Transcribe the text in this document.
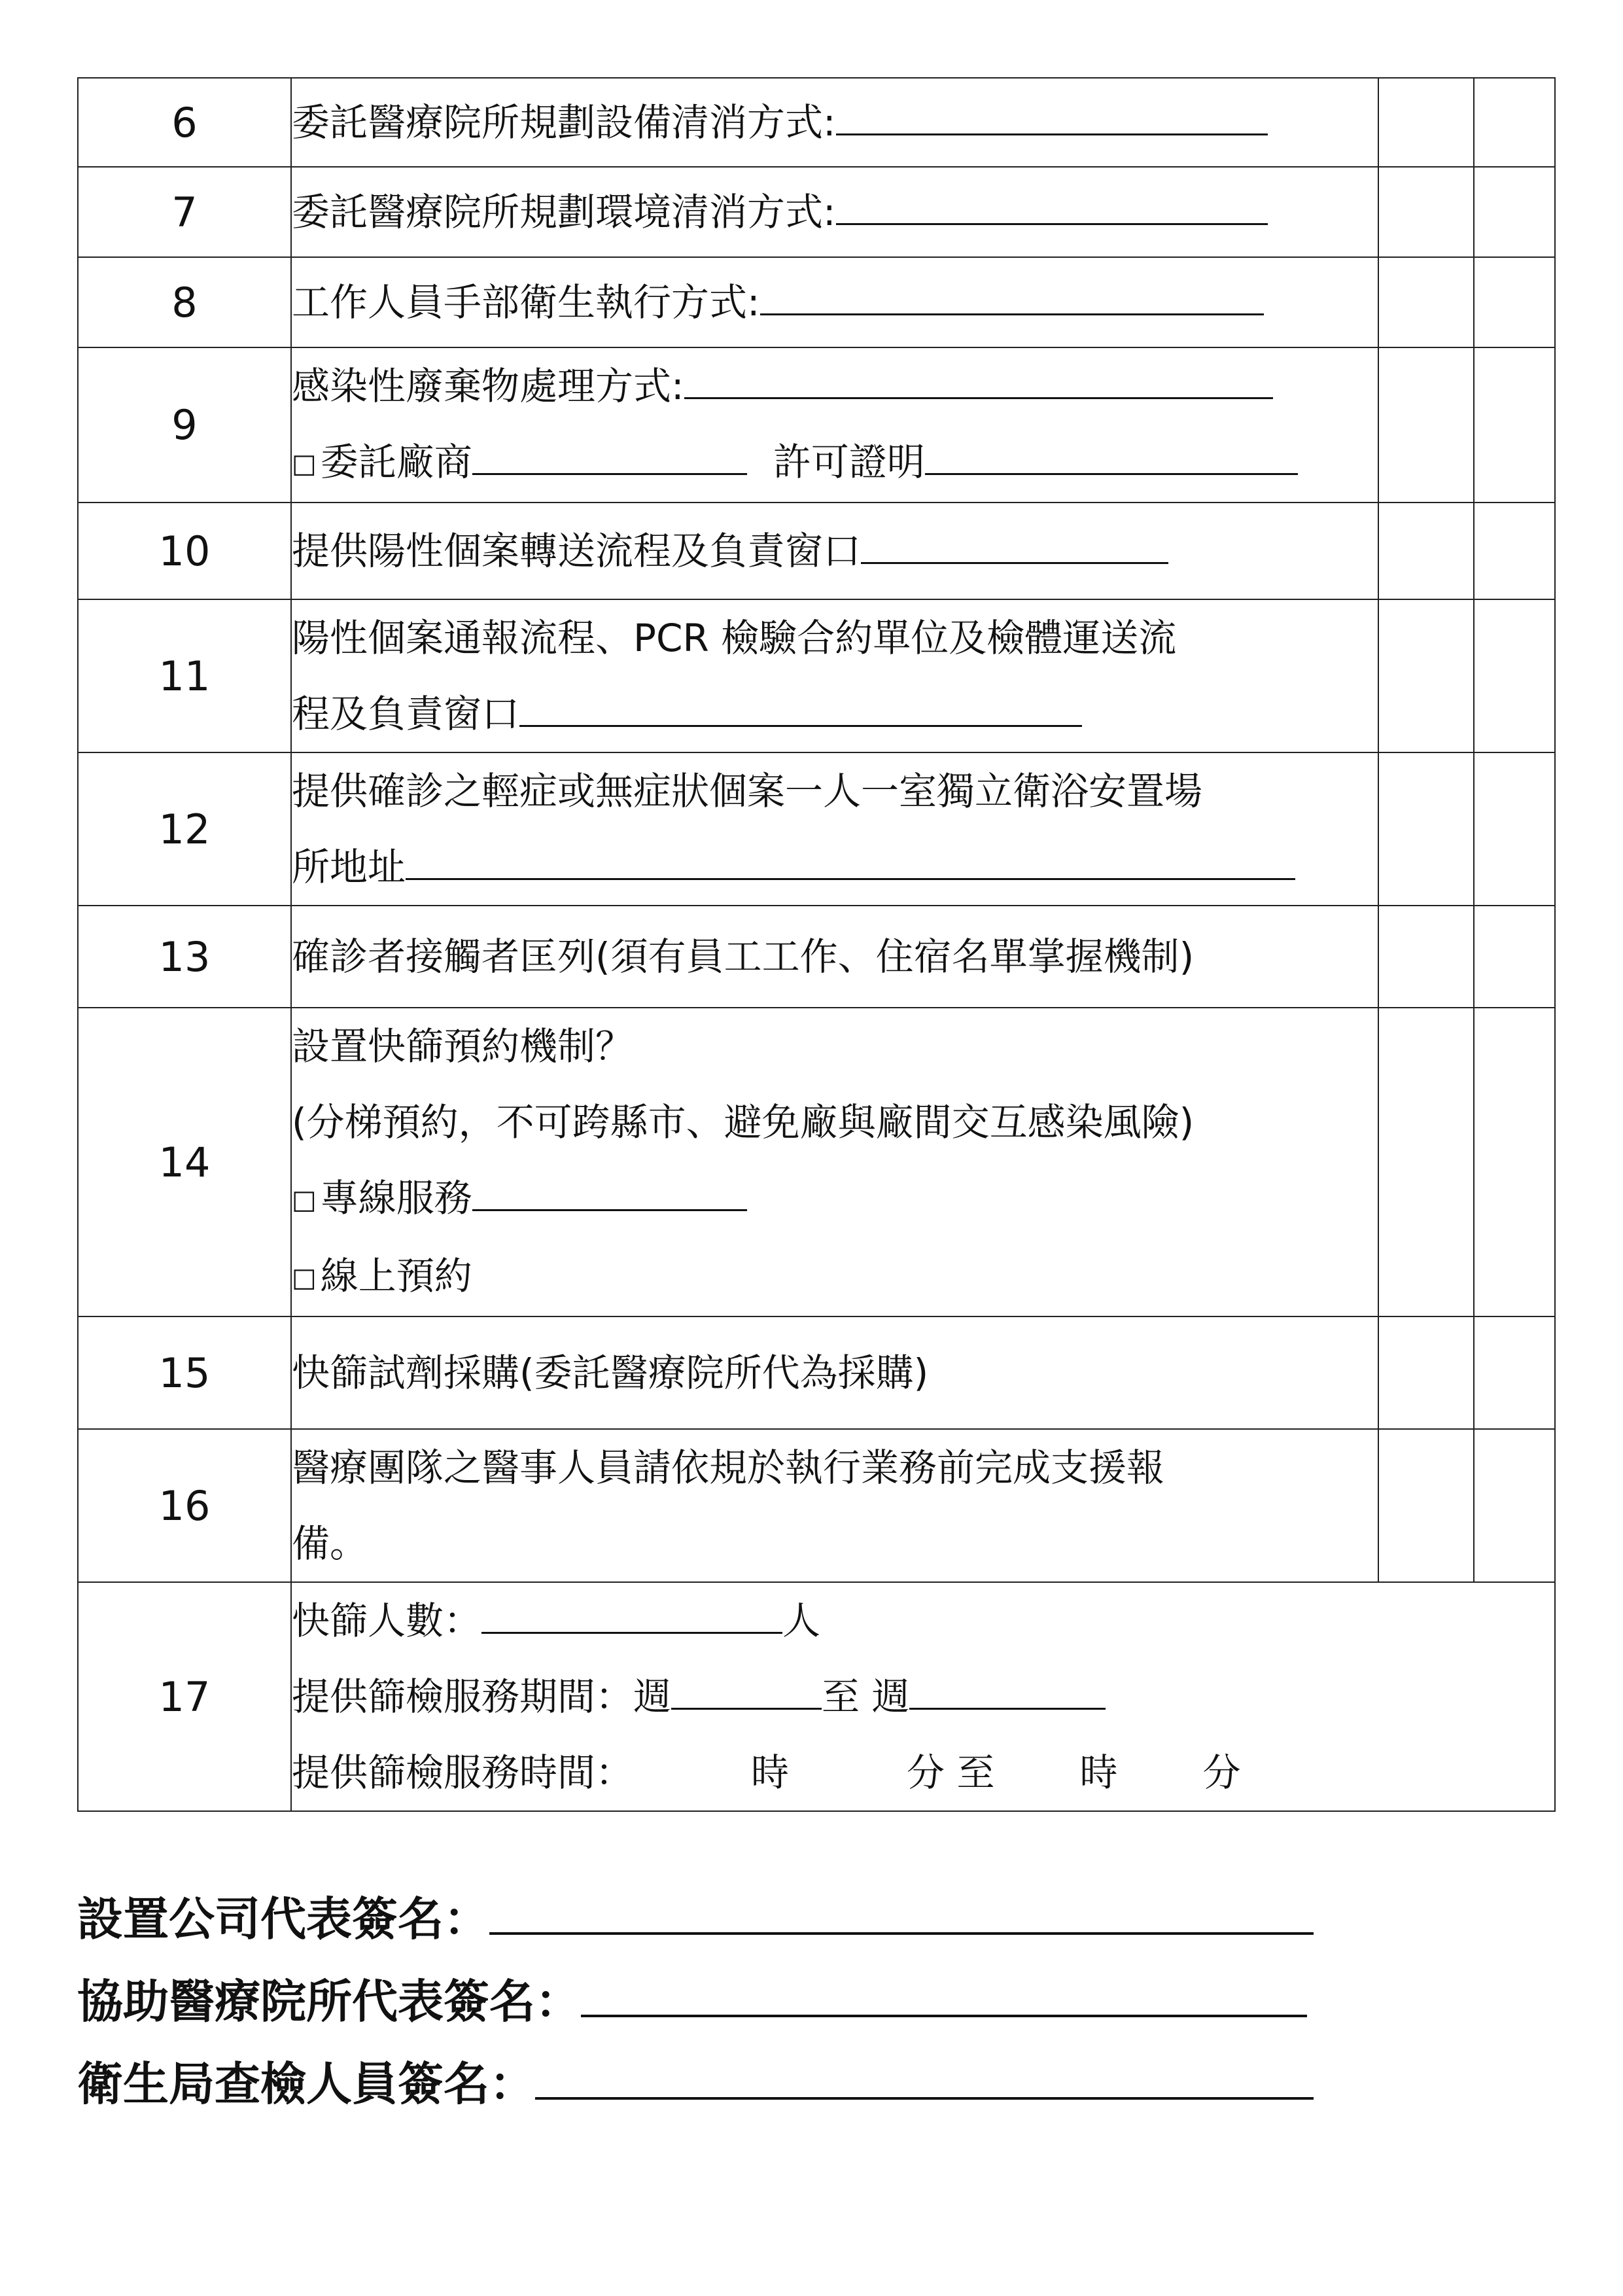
6	委託醫療院所規劃設備清消方式:		

7	委託醫療院所規劃環境清消方式:		

8	工作人員手部衛生執行方式:		

9	感染性廢棄物處理方式:
□ 委託廠商 許可證明		

10	提供陽性個案轉送流程及負責窗口		

11	陽性個案通報流程、PCR 檢驗合約單位及檢體運送流
程及負責窗口		

12	提供確診之輕症或無症狀個案一人一室獨立衛浴安置場
所地址		

13	確診者接觸者匡列(須有員工工作、住宿名單掌握機制)		

14	設置快篩預約機制？
(分梯預約，不可跨縣市、避免廠與廠間交互感染風險)
□ 專線服務
□ 線上預約		

15	快篩試劑採購(委託醫療院所代為採購)		

16	醫療團隊之醫事人員請依規於執行業務前完成支援報
備。		

17	快篩人數： 人
提供篩檢服務期間：週 至 週
提供篩檢服務時間： 時 分 至 時 分		
設置公司代表簽名：
協助醫療院所代表簽名：
衛生局查檢人員簽名：
